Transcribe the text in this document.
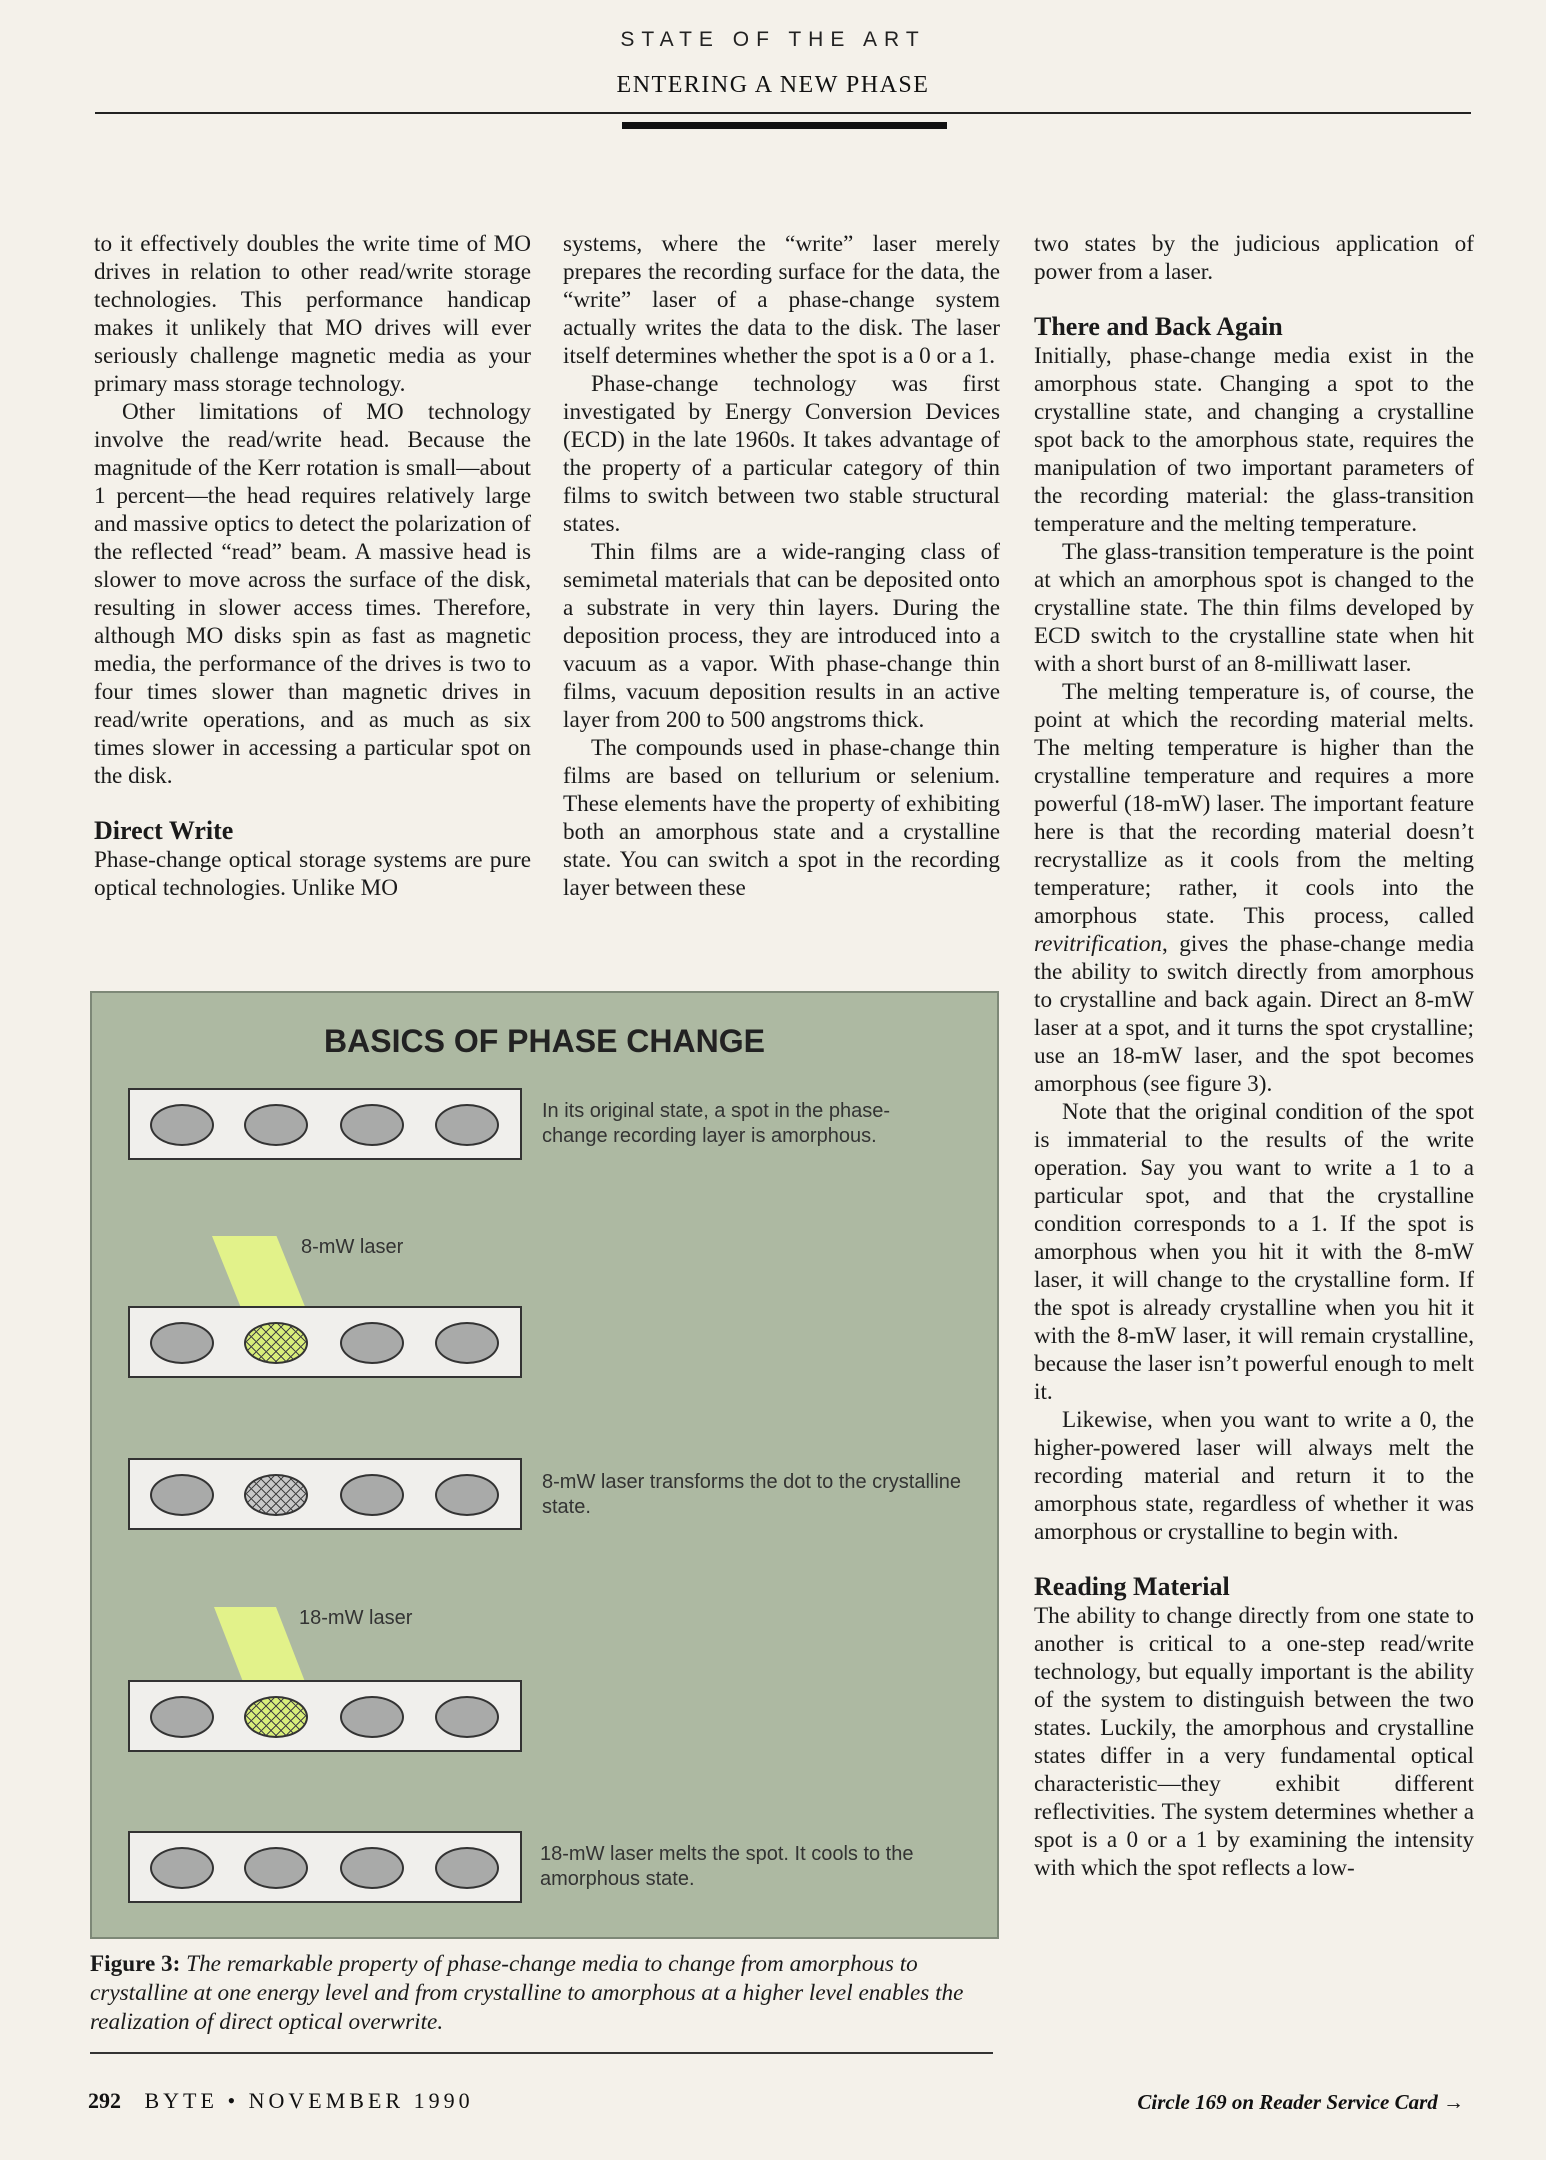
STATE OF THE ART
ENTERING A NEW PHASE

to it effectively doubles the write time of MO drives in relation to other read/write storage technologies. This performance handicap makes it unlikely that MO drives will ever seriously challenge magnetic media as your primary mass storage technology.

Other limitations of MO technology involve the read/write head. Because the magnitude of the Kerr rotation is small—about 1 percent—the head requires relatively large and massive optics to detect the polarization of the reflected “read” beam. A massive head is slower to move across the surface of the disk, resulting in slower access times. Therefore, although MO disks spin as fast as magnetic media, the performance of the drives is two to four times slower than magnetic drives in read/write operations, and as much as six times slower in accessing a particular spot on the disk.

Direct Write

Phase-change optical storage systems are pure optical technologies. Unlike MO

systems, where the “write” laser merely prepares the recording surface for the data, the “write” laser of a phase-change system actually writes the data to the disk. The laser itself determines whether the spot is a 0 or a 1.

Phase-change technology was first investigated by Energy Conversion Devices (ECD) in the late 1960s. It takes advantage of the property of a particular category of thin films to switch between two stable structural states.

Thin films are a wide-ranging class of semimetal materials that can be deposited onto a substrate in very thin layers. During the deposition process, they are introduced into a vacuum as a vapor. With phase-change thin films, vacuum deposition results in an active layer from 200 to 500 angstroms thick.

The compounds used in phase-change thin films are based on tellurium or selenium. These elements have the property of exhibiting both an amorphous state and a crystalline state. You can switch a spot in the recording layer between these

two states by the judicious application of power from a laser.

There and Back Again

Initially, phase-change media exist in the amorphous state. Changing a spot to the crystalline state, and changing a crystalline spot back to the amorphous state, requires the manipulation of two important parameters of the recording material: the glass-transition temperature and the melting temperature.

The glass-transition temperature is the point at which an amorphous spot is changed to the crystalline state. The thin films developed by ECD switch to the crystalline state when hit with a short burst of an 8-milliwatt laser.

The melting temperature is, of course, the point at which the recording material melts. The melting temperature is higher than the crystalline temperature and requires a more powerful (18-mW) laser. The important feature here is that the recording material doesn’t recrystallize as it cools from the melting temperature; rather, it cools into the amorphous state. This process, called revitrification, gives the phase-change media the ability to switch directly from amorphous to crystalline and back again. Direct an 8-mW laser at a spot, and it turns the spot crystalline; use an 18-mW laser, and the spot becomes amorphous (see figure 3).

Note that the original condition of the spot is immaterial to the results of the write operation. Say you want to write a 1 to a particular spot, and that the crystalline condition corresponds to a 1. If the spot is amorphous when you hit it with the 8-mW laser, it will change to the crystalline form. If the spot is already crystalline when you hit it with the 8-mW laser, it will remain crystalline, because the laser isn’t powerful enough to melt it.

Likewise, when you want to write a 0, the higher-powered laser will always melt the recording material and return it to the amorphous state, regardless of whether it was amorphous or crystalline to begin with.

Reading Material

The ability to change directly from one state to another is critical to a one-step read/write technology, but equally important is the ability of the system to distinguish between the two states. Luckily, the amorphous and crystalline states differ in a very fundamental optical characteristic—they exhibit different reflectivities. The system determines whether a spot is a 0 or a 1 by examining the intensity with which the spot reflects a low-

BASICS OF PHASE CHANGE
In its original state, a spot in the phase-change recording layer is amorphous.
8-mW laser
8-mW laser transforms the dot to the crystalline state.
18-mW laser
18-mW laser melts the spot. It cools to the amorphous state.
Figure 3: The remarkable property of phase-change media to change from amorphous to crystalline at one energy level and from crystalline to amorphous at a higher level enables the realization of direct optical overwrite.
292 BYTE • NOVEMBER 1990	Circle 169 on Reader Service Card →
